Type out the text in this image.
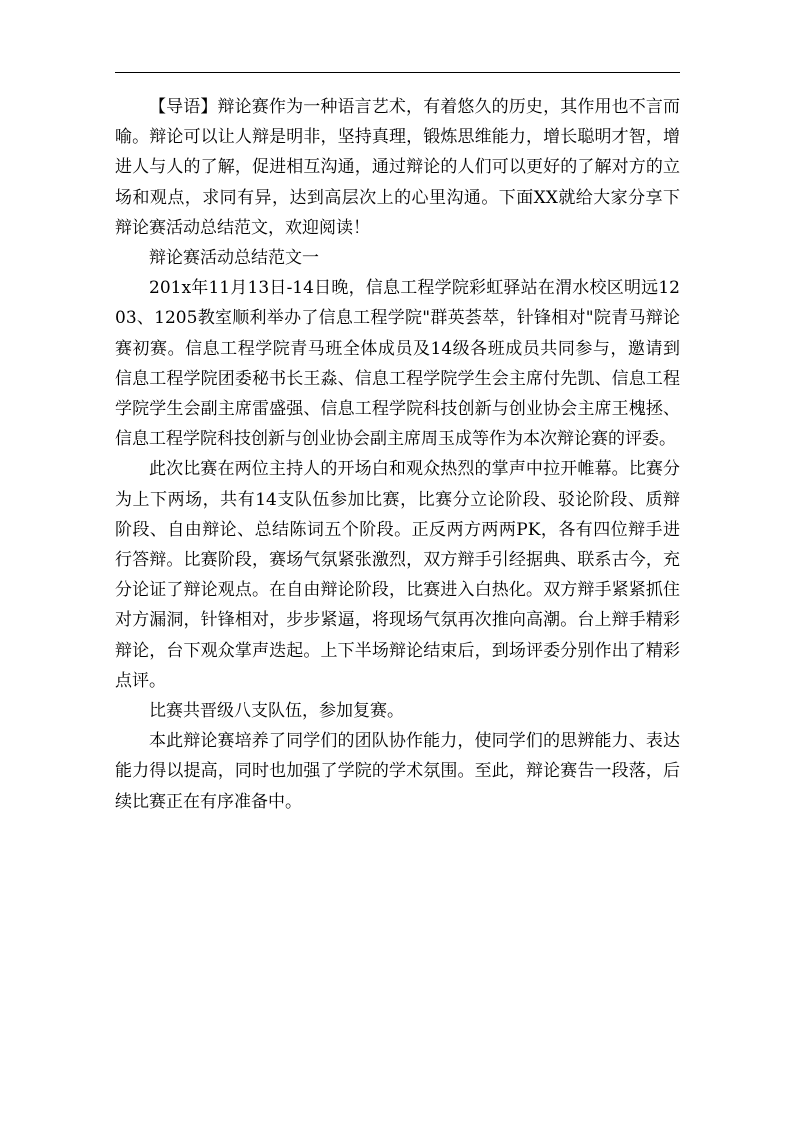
【导语】辩论赛作为一种语言艺术，有着悠久的历史，其作用也不言而喻。辩论可以让人辩是明非，坚持真理，锻炼思维能力，增长聪明才智，增进人与人的了解，促进相互沟通，通过辩论的人们可以更好的了解对方的立场和观点，求同有异，达到高层次上的心里沟通。下面XX就给大家分享下辩论赛活动总结范文，欢迎阅读！

辩论赛活动总结范文一

201x年11月13日-14日晚，信息工程学院彩虹驿站在渭水校区明远1203、1205教室顺利举办了信息工程学院"群英荟萃，针锋相对"院青马辩论赛初赛。信息工程学院青马班全体成员及14级各班成员共同参与，邀请到信息工程学院团委秘书长王淼、信息工程学院学生会主席付先凯、信息工程学院学生会副主席雷盛强、信息工程学院科技创新与创业协会主席王槐拯、信息工程学院科技创新与创业协会副主席周玉成等作为本次辩论赛的评委。

此次比赛在两位主持人的开场白和观众热烈的掌声中拉开帷幕。比赛分为上下两场，共有14支队伍参加比赛，比赛分立论阶段、驳论阶段、质辩阶段、自由辩论、总结陈词五个阶段。正反两方两两PK，各有四位辩手进行答辩。比赛阶段，赛场气氛紧张激烈，双方辩手引经据典、联系古今，充分论证了辩论观点。在自由辩论阶段，比赛进入白热化。双方辩手紧紧抓住对方漏洞，针锋相对，步步紧逼，将现场气氛再次推向高潮。台上辩手精彩辩论，台下观众掌声迭起。上下半场辩论结束后，到场评委分别作出了精彩点评。

比赛共晋级八支队伍，参加复赛。

本此辩论赛培养了同学们的团队协作能力，使同学们的思辨能力、表达能力得以提高，同时也加强了学院的学术氛围。至此，辩论赛告一段落，后续比赛正在有序准备中。
